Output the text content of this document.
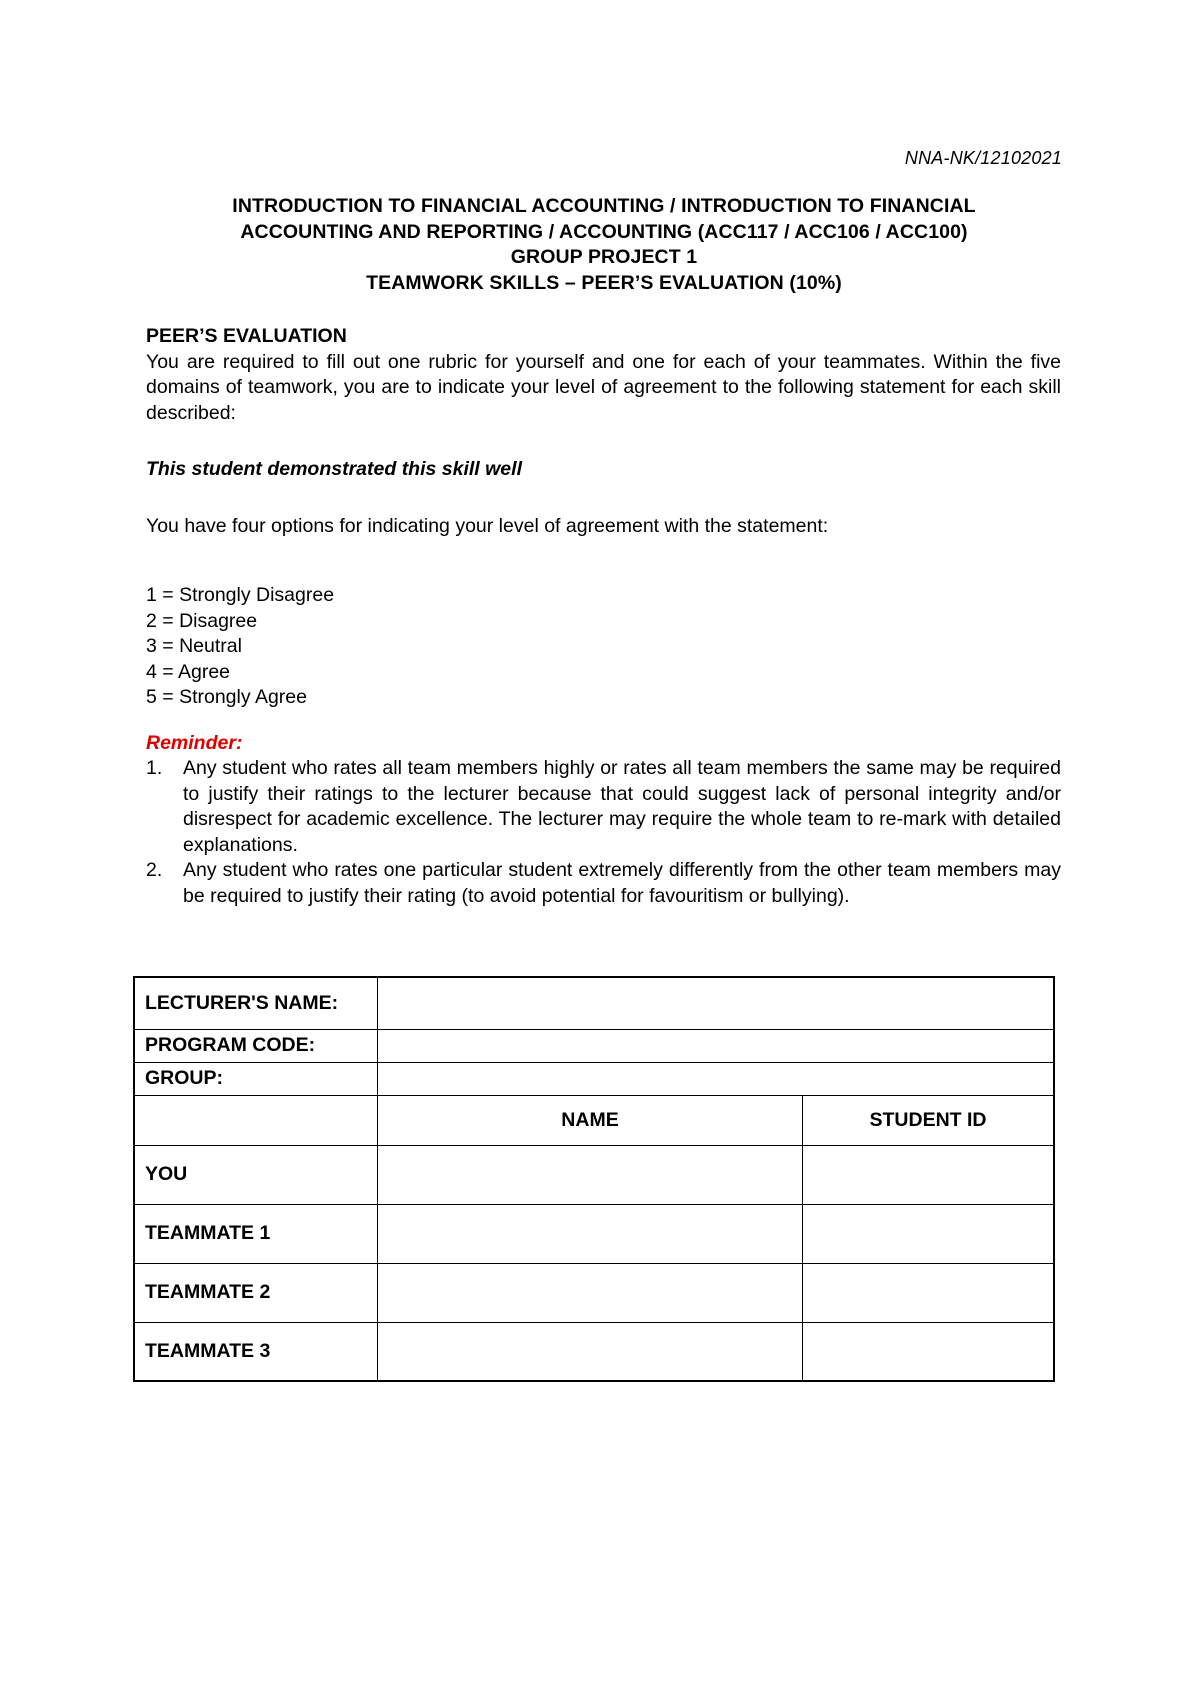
NNA-NK/12102021
INTRODUCTION TO FINANCIAL ACCOUNTING / INTRODUCTION TO FINANCIAL
ACCOUNTING AND REPORTING / ACCOUNTING (ACC117 / ACC106 / ACC100)
GROUP PROJECT 1
TEAMWORK SKILLS – PEER’S EVALUATION (10%)
PEER’S EVALUATION

You are required to fill out one rubric for yourself and one for each of your teammates. Within the five domains of teamwork, you are to indicate your level of agreement to the following statement for each skill described:

This student demonstrated this skill well
You have four options for indicating your level of agreement with the statement:
1 = Strongly Disagree
2 = Disagree
3 = Neutral
4 = Agree
5 = Strongly Agree
Reminder:
1. Any student who rates all team members highly or rates all team members the same may be required to justify their ratings to the lecturer because that could suggest lack of personal integrity and/or disrespect for academic excellence. The lecturer may require the whole team to re-mark with detailed explanations.
2. Any student who rates one particular student extremely differently from the other team members may be required to justify their rating (to avoid potential for favouritism or bullying).
LECTURER'S NAME:		
PROGRAM CODE:		
GROUP:		
	NAME	STUDENT ID
YOU		
TEAMMATE 1		
TEAMMATE 2		
TEAMMATE 3		
